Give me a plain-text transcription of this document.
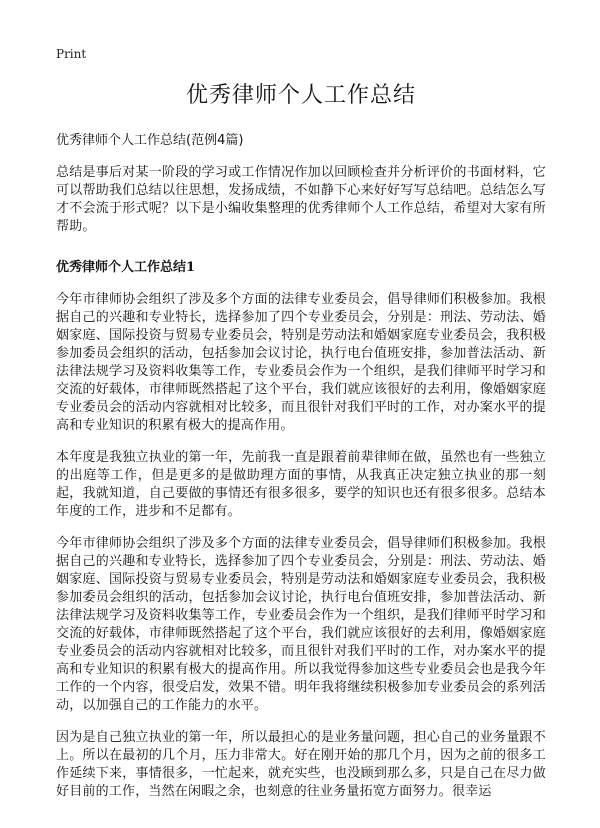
Print
优秀律师个人工作总结
优秀律师个人工作总结(范例4篇)

总结是事后对某一阶段的学习或工作情况作加以回顾检查并分析评价的书面材料，它可以帮助我们总结以往思想，发扬成绩，不如静下心来好好写写总结吧。总结怎么写才不会流于形式呢？以下是小编收集整理的优秀律师个人工作总结，希望对大家有所帮助。

优秀律师个人工作总结1

今年市律师协会组织了涉及多个方面的法律专业委员会，倡导律师们积极参加。我根据自己的兴趣和专业特长，选择参加了四个专业委员会，分别是：刑法、劳动法、婚姻家庭、国际投资与贸易专业委员会，特别是劳动法和婚姻家庭专业委员会，我积极参加委员会组织的活动，包括参加会议讨论，执行电台值班安排，参加普法活动、新法律法规学习及资料收集等工作，专业委员会作为一个组织，是我们律师平时学习和交流的好载体，市律师既然搭起了这个平台，我们就应该很好的去利用，像婚姻家庭专业委员会的活动内容就相对比较多，而且很针对我们平时的工作，对办案水平的提高和专业知识的积累有极大的提高作用。

本年度是我独立执业的第一年，先前我一直是跟着前辈律师在做，虽然也有一些独立的出庭等工作，但是更多的是做助理方面的事情，从我真正决定独立执业的那一刻起，我就知道，自己要做的事情还有很多很多，要学的知识也还有很多很多。总结本年度的工作，进步和不足都有。

今年市律师协会组织了涉及多个方面的法律专业委员会，倡导律师们积极参加。我根据自己的兴趣和专业特长，选择参加了四个专业委员会，分别是：刑法、劳动法、婚姻家庭、国际投资与贸易专业委员会，特别是劳动法和婚姻家庭专业委员会，我积极参加委员会组织的活动，包括参加会议讨论，执行电台值班安排，参加普法活动、新法律法规学习及资料收集等工作，专业委员会作为一个组织，是我们律师平时学习和交流的好载体，市律师既然搭起了这个平台，我们就应该很好的去利用，像婚姻家庭专业委员会的活动内容就相对比较多，而且很针对我们平时的工作，对办案水平的提高和专业知识的积累有极大的提高作用。所以我觉得参加这些专业委员会也是我今年工作的一个内容，很受启发，效果不错。明年我将继续积极参加专业委员会的系列活动，以加强自己的工作能力的水平。

因为是自己独立执业的第一年，所以最担心的是业务量问题，担心自己的业务量跟不上。所以在最初的几个月，压力非常大。好在刚开始的那几个月，因为之前的很多工作延续下来，事情很多，一忙起来，就充实些，也没顾到那么多，只是自己在尽力做好目前的工作，当然在闲暇之余，也刻意的往业务量拓宽方面努力。很幸运
